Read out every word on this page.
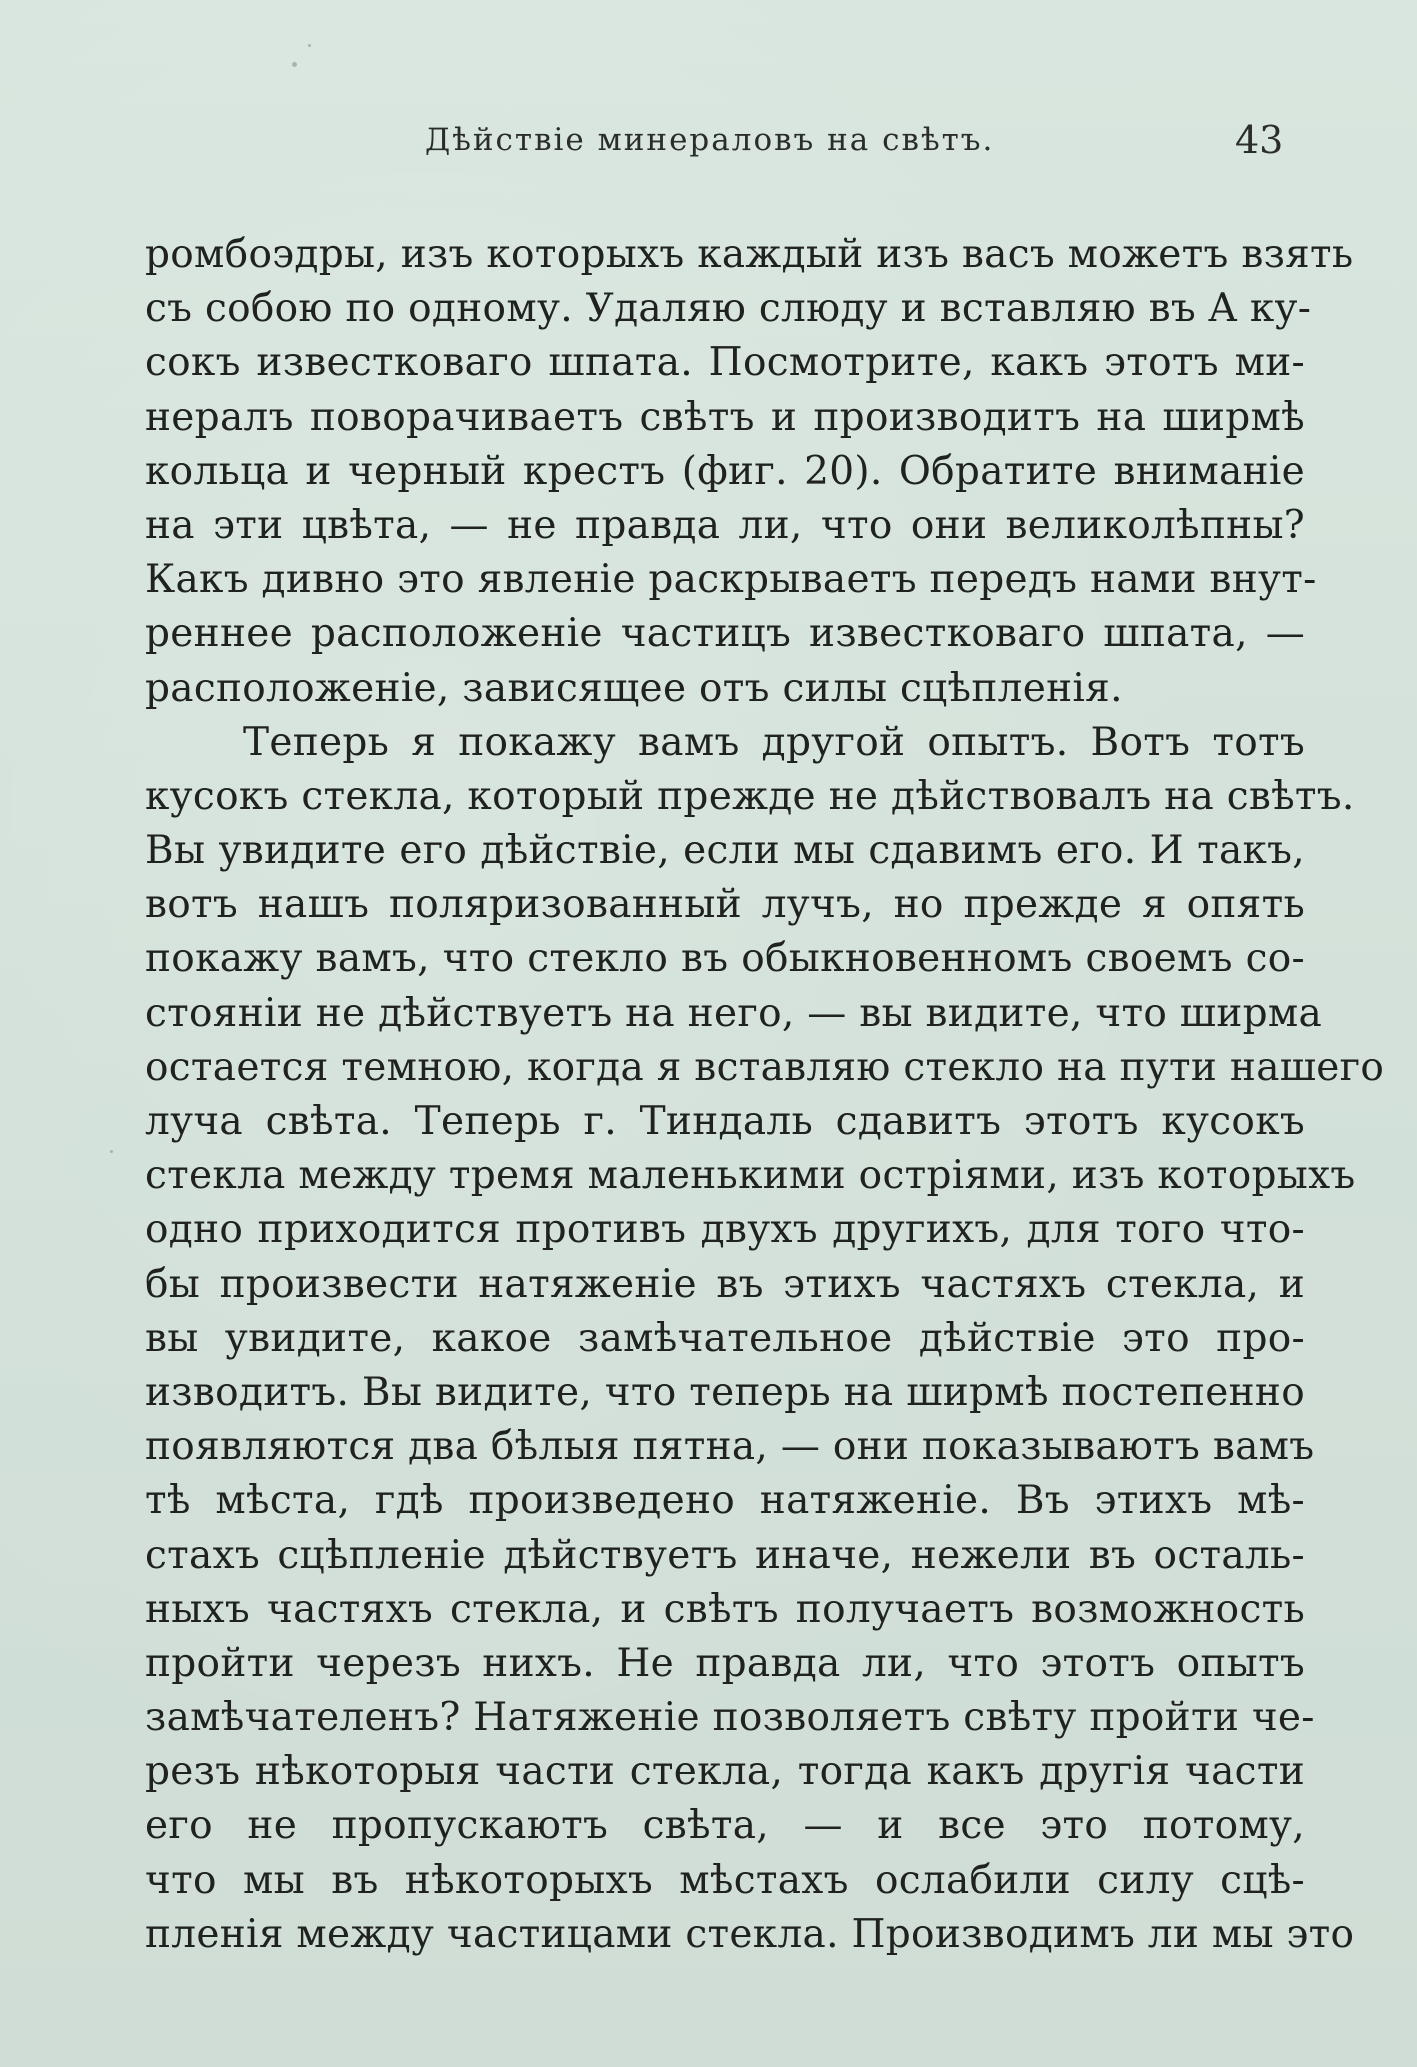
Дѣйствіе минераловъ на свѣтъ.	43
ромбоэдры, изъ которыхъ каждый изъ васъ можетъ взять
съ собою по одному. Удаляю слюду и вставляю въ A ку-
сокъ известковаго шпата. Посмотрите, какъ этотъ ми-
нералъ поворачиваетъ свѣтъ и производитъ на ширмѣ
кольца и черный крестъ (фиг. 20). Обратите вниманіе
на эти цвѣта, — не правда ли, что они великолѣпны?
Какъ дивно это явленіе раскрываетъ передъ нами внут-
реннее расположеніе частицъ известковаго шпата, —
расположеніе, зависящее отъ силы сцѣпленія.
Теперь я покажу вамъ другой опытъ. Вотъ тотъ
кусокъ стекла, который прежде не дѣйствовалъ на свѣтъ.
Вы увидите его дѣйствіе, если мы сдавимъ его. И такъ,
вотъ нашъ поляризованный лучъ, но прежде я опять
покажу вамъ, что стекло въ обыкновенномъ своемъ со-
стояніи не дѣйствуетъ на него, — вы видите, что ширма
остается темною, когда я вставляю стекло на пути нашего
луча свѣта. Теперь г. Тиндаль сдавитъ этотъ кусокъ
стекла между тремя маленькими остріями, изъ которыхъ
одно приходится противъ двухъ другихъ, для того что-
бы произвести натяженіе въ этихъ частяхъ стекла, и
вы увидите, какое замѣчательное дѣйствіе это про-
изводитъ. Вы видите, что теперь на ширмѣ постепенно
появляются два бѣлыя пятна, — они показываютъ вамъ
тѣ мѣста, гдѣ произведено натяженіе. Въ этихъ мѣ-
стахъ сцѣпленіе дѣйствуетъ иначе, нежели въ осталь-
ныхъ частяхъ стекла, и свѣтъ получаетъ возможность
пройти черезъ нихъ. Не правда ли, что этотъ опытъ
замѣчателенъ? Натяженіе позволяетъ свѣту пройти че-
резъ нѣкоторыя части стекла, тогда какъ другія части
его не пропускаютъ свѣта, — и все это потому,
что мы въ нѣкоторыхъ мѣстахъ ослабили силу сцѣ-
пленія между частицами стекла. Производимъ ли мы это
